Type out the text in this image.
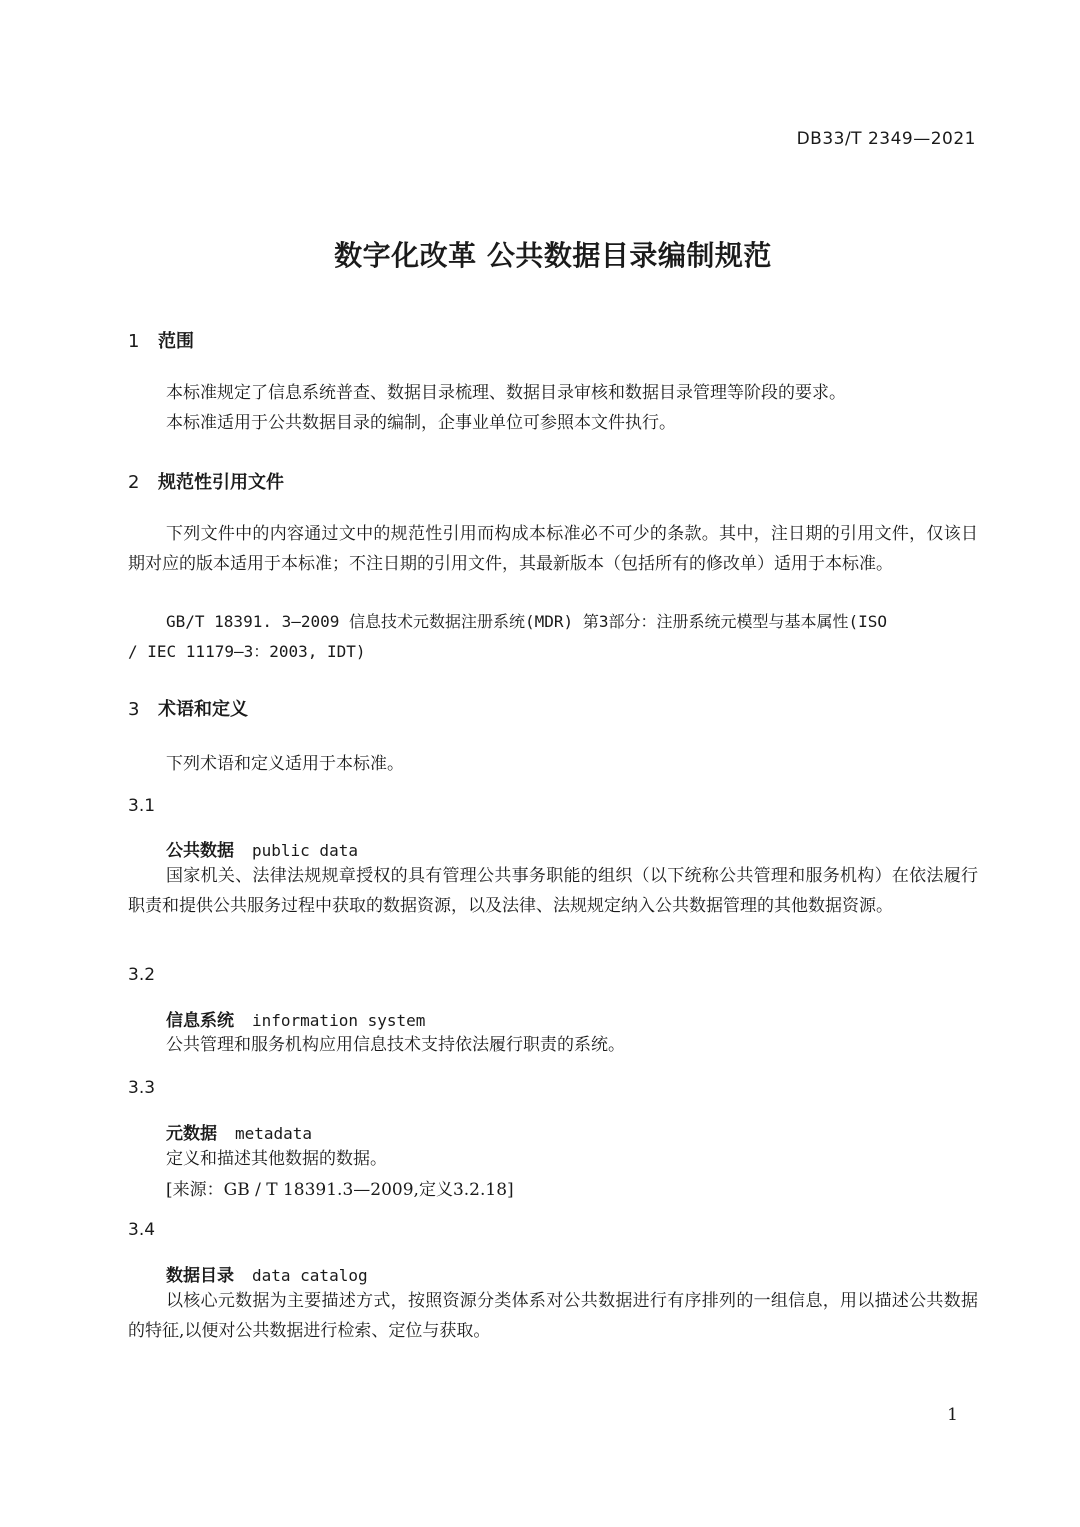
DB33/T 2349—2021
数字化改革 公共数据目录编制规范
1 范围
本标准规定了信息系统普查、数据目录梳理、数据目录审核和数据目录管理等阶段的要求。
本标准适用于公共数据目录的编制，企事业单位可参照本文件执行。
2 规范性引用文件
下列文件中的内容通过文中的规范性引用而构成本标准必不可少的条款。其中，注日期的引用文件，仅该日期对应的版本适用于本标准；不注日期的引用文件，其最新版本（包括所有的修改单）适用于本标准。
GB/T 18391. 3—2009 信息技术元数据注册系统(MDR) 第3部分：注册系统元模型与基本属性(ISO
/ IEC 11179—3：2003, IDT)
3 术语和定义
下列术语和定义适用于本标准。
3.1
公共数据 public data
国家机关、法律法规规章授权的具有管理公共事务职能的组织（以下统称公共管理和服务机构）在依法履行职责和提供公共服务过程中获取的数据资源，以及法律、法规规定纳入公共数据管理的其他数据资源。
3.2
信息系统 information system
公共管理和服务机构应用信息技术支持依法履行职责的系统。
3.3
元数据 metadata
定义和描述其他数据的数据。
[来源：GB / T 18391.3—2009,定义3.2.18]
3.4
数据目录 data catalog
以核心元数据为主要描述方式，按照资源分类体系对公共数据进行有序排列的一组信息，用以描述公共数据的特征,以便对公共数据进行检索、定位与获取。
1
